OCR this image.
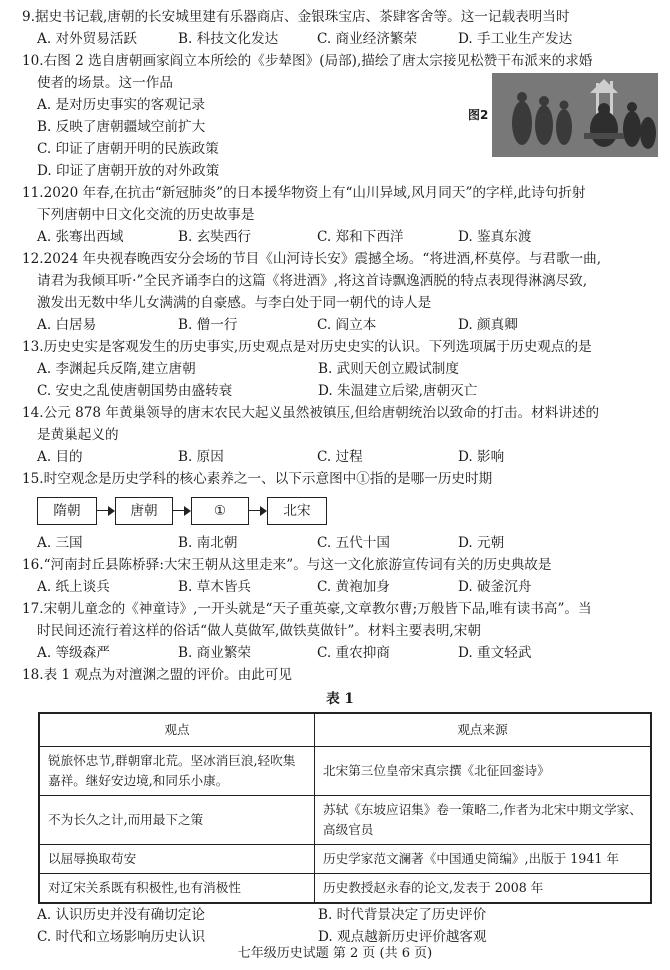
9.据史书记载,唐朝的长安城里建有乐器商店、金银珠宝店、茶肆客舍等。这一记载表明当时
A. 对外贸易活跃	B. 科技文化发达	C. 商业经济繁荣	D. 手工业生产发达
10.右图 2 选自唐朝画家阎立本所绘的《步辇图》(局部),描绘了唐太宗接见松赞干布派来的求婚
使者的场景。这一作品
A. 是对历史事实的客观记录
B. 反映了唐朝疆域空前扩大
C. 印证了唐朝开明的民族政策
D. 印证了唐朝开放的对外政策
图2
11.2020 年春,在抗击“新冠肺炎”的日本援华物资上有“山川异域,风月同天”的字样,此诗句折射
下列唐朝中日文化交流的历史故事是
A. 张骞出西域	B. 玄奘西行	C. 郑和下西洋	D. 鉴真东渡
12.2024 年央视春晚西安分会场的节目《山河诗长安》震撼全场。“将进酒,杯莫停。与君歌一曲,
请君为我倾耳听·”全民齐诵李白的这篇《将进酒》,将这首诗飘逸洒脱的特点表现得淋漓尽致,
激发出无数中华儿女满满的自豪感。与李白处于同一朝代的诗人是
A. 白居易	B. 僧一行	C. 阎立本	D. 颜真卿
13.历史史实是客观发生的历史事实,历史观点是对历史史实的认识。下列选项属于历史观点的是
A. 李渊起兵反隋,建立唐朝	B. 武则天创立殿试制度
C. 安史之乱使唐朝国势由盛转衰	D. 朱温建立后梁,唐朝灭亡
14.公元 878 年黄巢领导的唐末农民大起义虽然被镇压,但给唐朝统治以致命的打击。材料讲述的
是黄巢起义的
A. 目的	B. 原因	C. 过程	D. 影响
15.时空观念是历史学科的核心素养之一、以下示意图中①指的是哪一历史时期
隋朝	唐朝	①	北宋
A. 三国	B. 南北朝	C. 五代十国	D. 元朝
16.“河南封丘县陈桥驿:大宋王朝从这里走来”。与这一文化旅游宣传词有关的历史典故是
A. 纸上谈兵	B. 草木皆兵	C. 黄袍加身	D. 破釜沉舟
17.宋朝儿童念的《神童诗》,一开头就是“天子重英豪,文章教尔曹;万般皆下品,唯有读书高”。当
时民间还流行着这样的俗话“做人莫做军,做铁莫做针”。材料主要表明,宋朝
A. 等级森严	B. 商业繁荣	C. 重农抑商	D. 重文轻武
18.表 1 观点为对澶渊之盟的评价。由此可见
表 1
观点	观点来源
锐旅怀忠节,群朝窜北荒。坚冰消巨浪,轻吹集嘉祥。继好安边境,和同乐小康。	北宋第三位皇帝宋真宗撰《北征回銮诗》
不为长久之计,而用最下之策	苏轼《东坡应诏集》卷一策略二,作者为北宋中期文学家、高级官员
以屈辱换取苟安	历史学家范文澜著《中国通史简编》,出版于 1941 年
对辽宋关系既有积极性,也有消极性	历史教授赵永春的论文,发表于 2008 年
A. 认识历史并没有确切定论	B. 时代背景决定了历史评价
C. 时代和立场影响历史认识	D. 观点越新历史评价越客观
七年级历史试题 第 2 页 (共 6 页)
